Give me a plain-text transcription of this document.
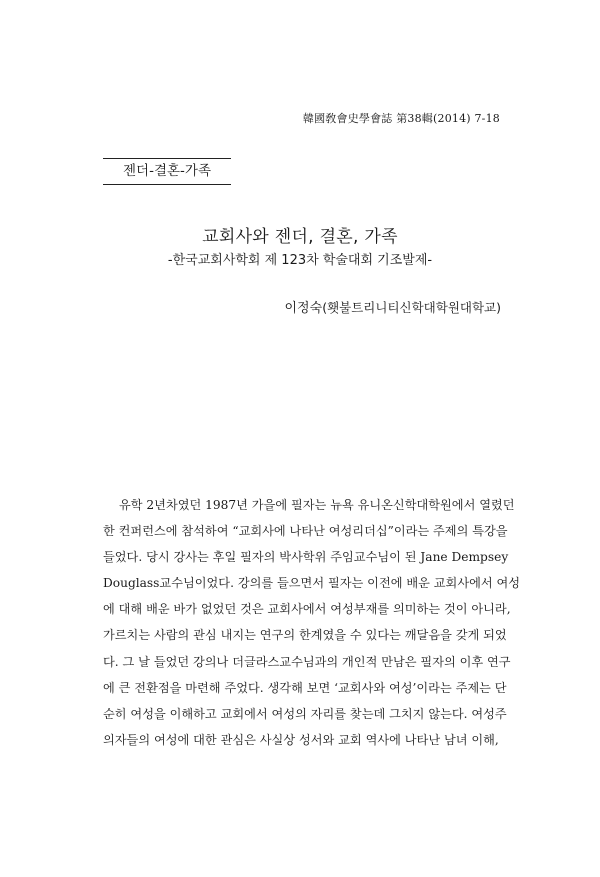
韓國敎會史學會誌 第38輯(2014) 7-18
젠더-결혼-가족
교회사와 젠더, 결혼, 가족
-한국교회사학회 제 123차 학술대회 기조발제-
이정숙(횃불트리니티신학대학원대학교)
유학 2년차였던 1987년 가을에 필자는 뉴욕 유니온신학대학원에서 열렸던
한 컨퍼런스에 참석하여 “교회사에 나타난 여성리더십”이라는 주제의 특강을
들었다. 당시 강사는 후일 필자의 박사학위 주임교수님이 된 Jane Dempsey
Douglass교수님이었다. 강의를 들으면서 필자는 이전에 배운 교회사에서 여성
에 대해 배운 바가 없었던 것은 교회사에서 여성부재를 의미하는 것이 아니라,
가르치는 사람의 관심 내지는 연구의 한계였을 수 있다는 깨달음을 갖게 되었
다. 그 날 들었던 강의나 더글라스교수님과의 개인적 만남은 필자의 이후 연구
에 큰 전환점을 마련해 주었다. 생각해 보면 ‘교회사와 여성’이라는 주제는 단
순히 여성을 이해하고 교회에서 여성의 자리를 찾는데 그치지 않는다. 여성주
의자들의 여성에 대한 관심은 사실상 성서와 교회 역사에 나타난 남녀 이해,
